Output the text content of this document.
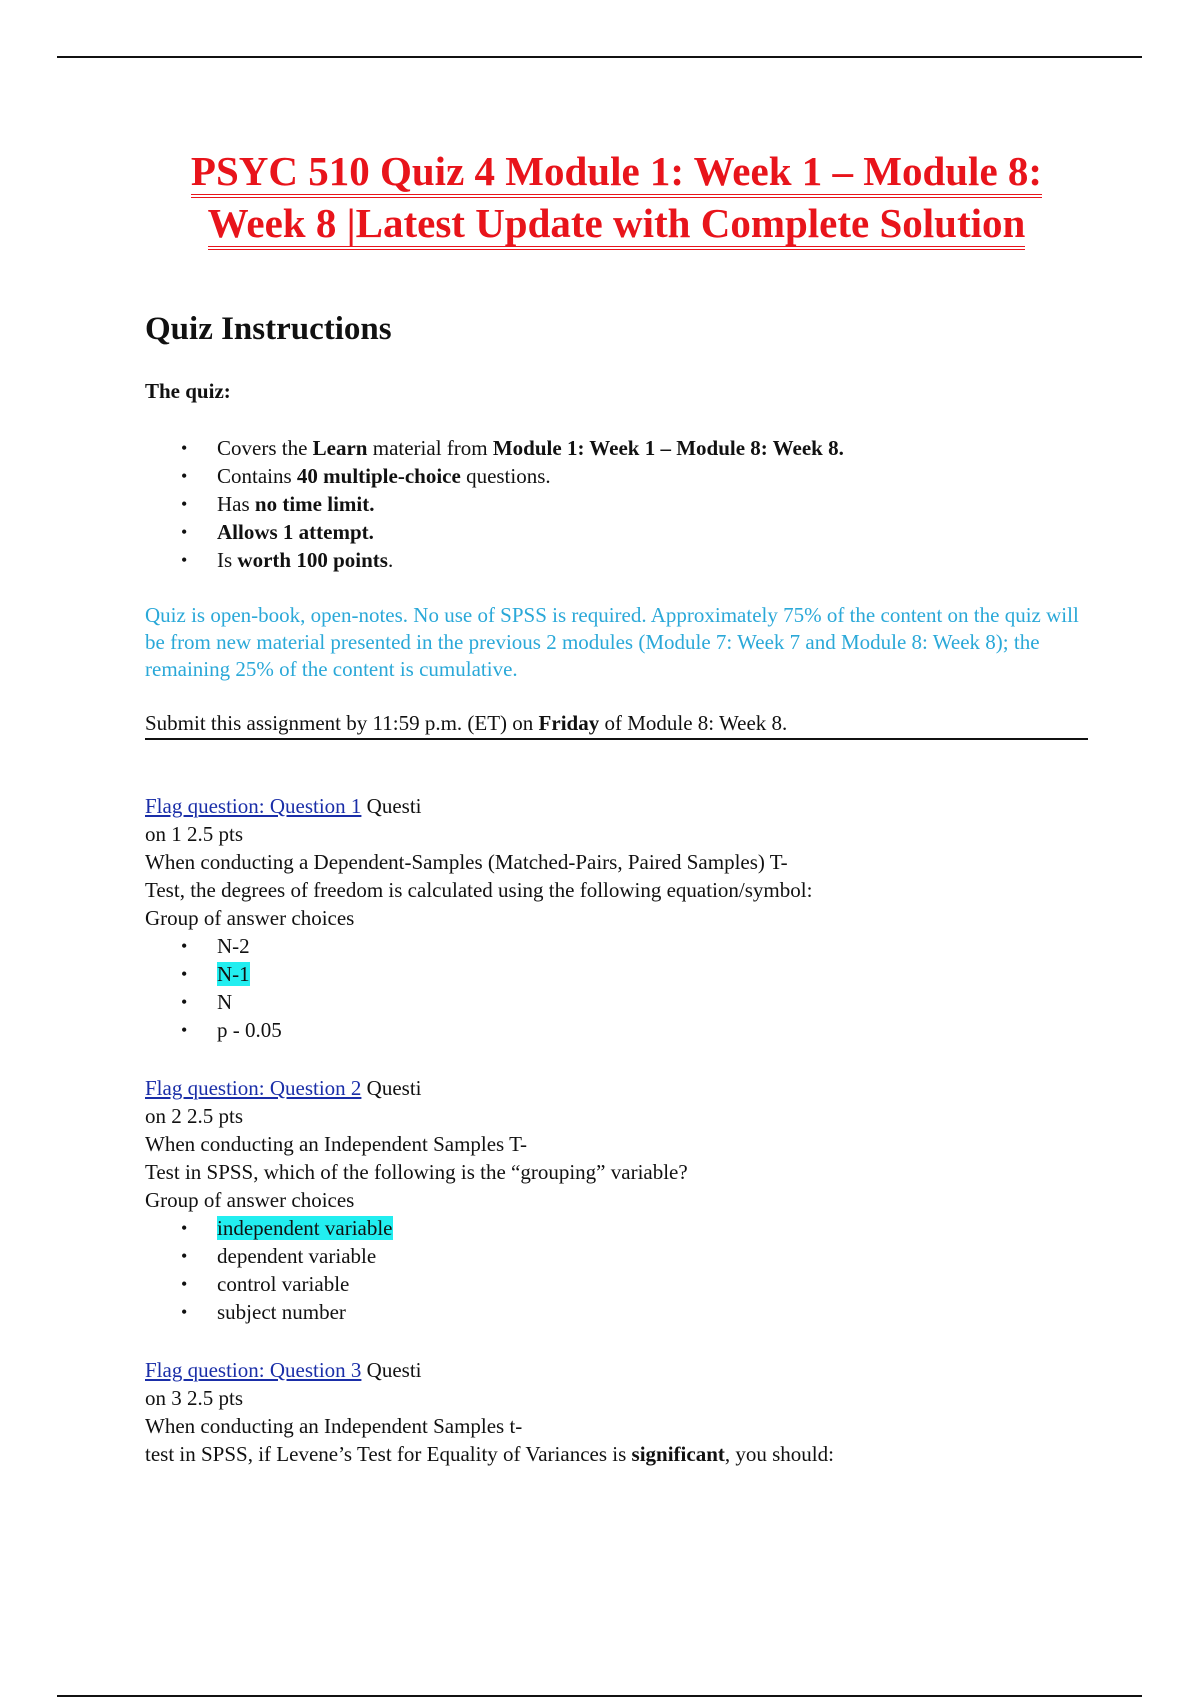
PSYC 510 Quiz 4 Module 1: Week 1 – Module 8:
Week 8 |Latest Update with Complete Solution
Quiz Instructions
The quiz:
• Covers the Learn material from Module 1: Week 1 – Module 8: Week 8.
• Contains 40 multiple-choice questions.
• Has no time limit.
• Allows 1 attempt.
• Is worth 100 points.

Quiz is open-book, open-notes. No use of SPSS is required. Approximately 75% of the content on the quiz will be from new material presented in the previous 2 modules (Module 7: Week 7 and Module 8: Week 8); the remaining 25% of the content is cumulative.

Submit this assignment by 11:59 p.m. (ET) on Friday of Module 8: Week 8.
Flag question: Question 1 Questi
on 1 2.5 pts
When conducting a Dependent-Samples (Matched-Pairs, Paired Samples) T-
Test, the degrees of freedom is calculated using the following equation/symbol:
Group of answer choices
• N-2
• N-1
• N
• p - 0.05
Flag question: Question 2 Questi
on 2 2.5 pts
When conducting an Independent Samples T-
Test in SPSS, which of the following is the “grouping” variable?
Group of answer choices
• independent variable
• dependent variable
• control variable
• subject number
Flag question: Question 3 Questi
on 3 2.5 pts
When conducting an Independent Samples t-
test in SPSS, if Levene’s Test for Equality of Variances is significant, you should:
